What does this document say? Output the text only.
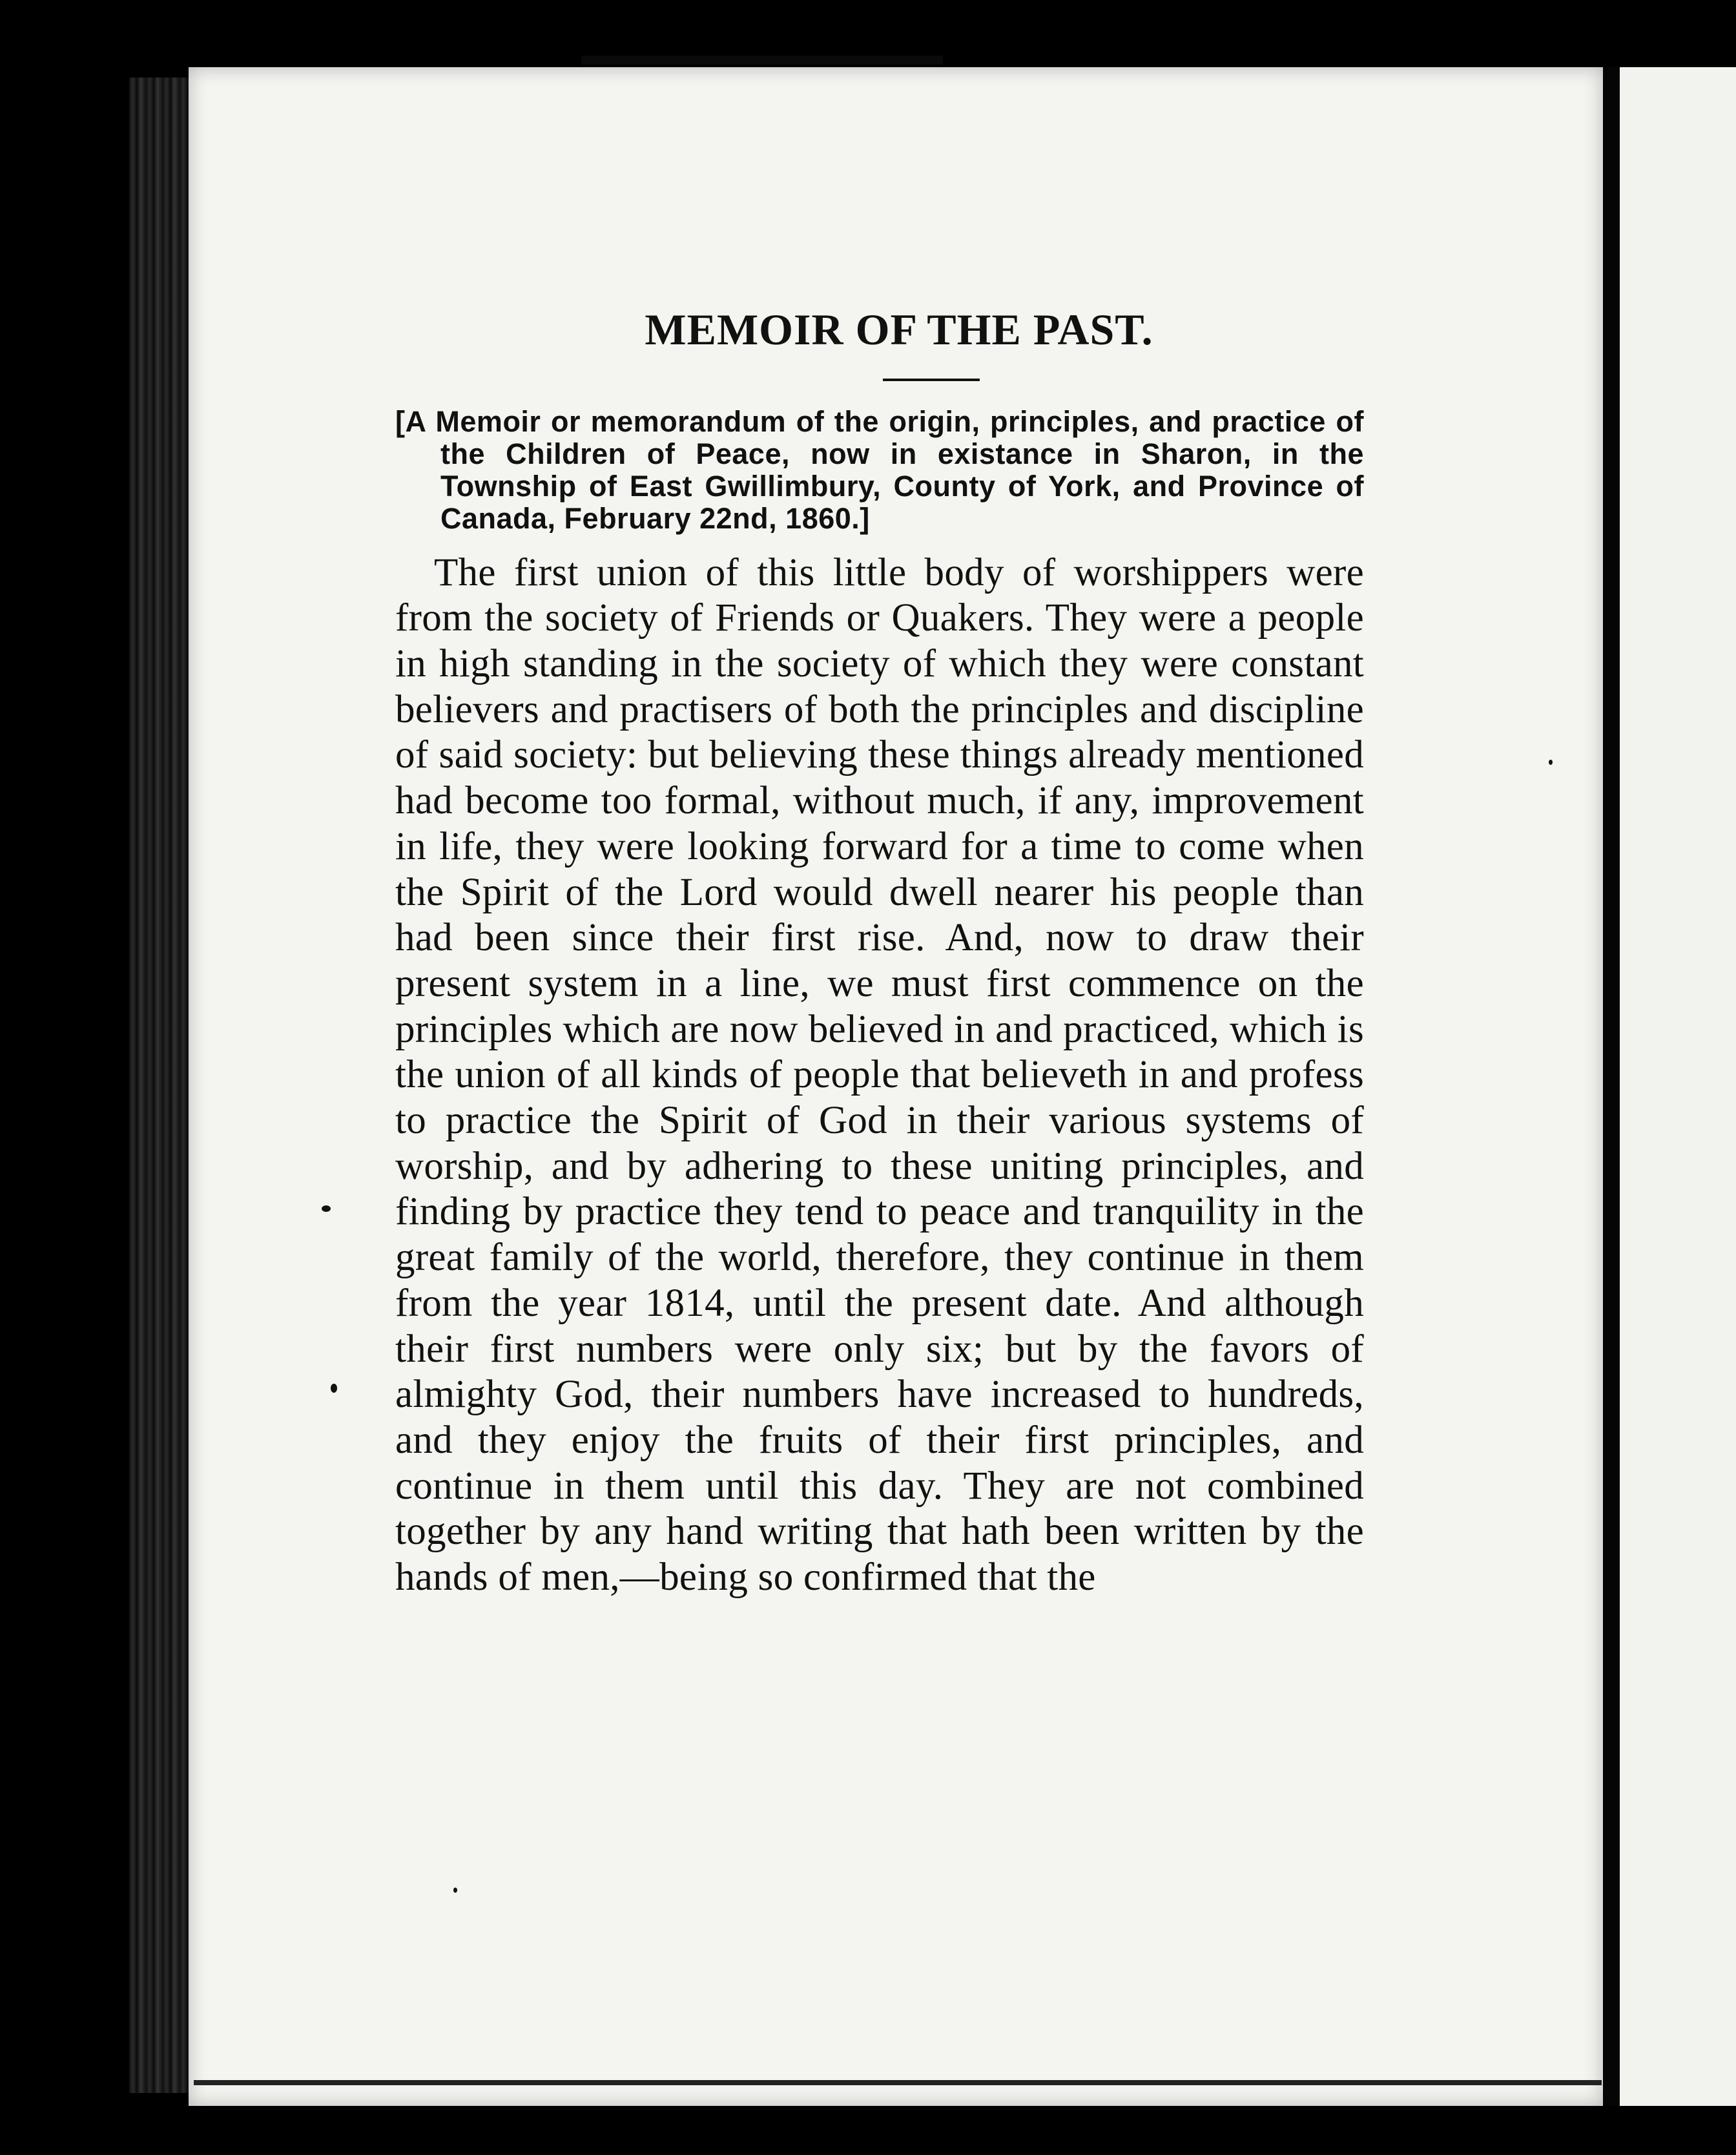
MEMOIR OF THE PAST.
[A Memoir or memorandum of the origin, principles, and practice of the Children of Peace, now in existance in Sharon, in the Township of East Gwillimbury, County of York, and Province of Canada, February 22nd, 1860.]
The first union of this little body of worshippers were from the society of Friends or Quakers. They were a people in high standing in the society of which they were constant believers and practisers of both the principles and discipline of said society: but believing these things already mentioned had become too formal, without much, if any, improvement in life, they were looking forward for a time to come when the Spirit of the Lord would dwell nearer his people than had been since their first rise. And, now to draw their present system in a line, we must first commence on the principles which are now believed in and practiced, which is the union of all kinds of people that believeth in and profess to practice the Spirit of God in their various systems of worship, and by adhering to these uniting principles, and finding by practice they tend to peace and tranquility in the great family of the world, therefore, they continue in them from the year 1814, until the present date. And although their first numbers were only six; but by the favors of almighty God, their numbers have increased to hundreds, and they enjoy the fruits of their first principles, and continue in them until this day. They are not combined together by any hand writing that hath been written by the hands of men,—being so confirmed that the
